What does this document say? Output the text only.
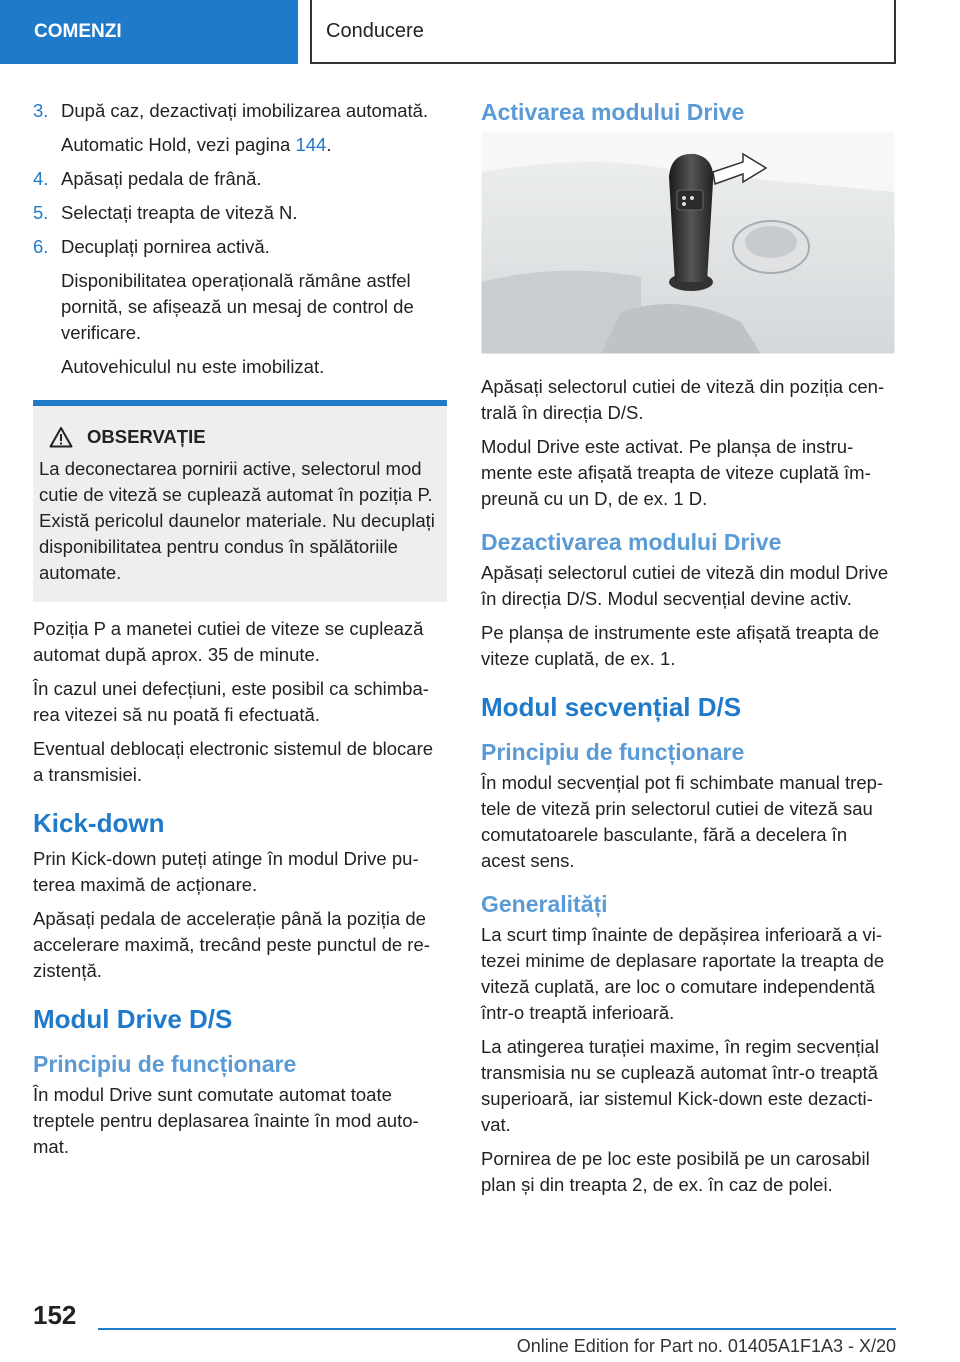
COMENZI	Conducere
3. După caz, dezactivați imobilizarea automată.
Automatic Hold, vezi pagina 144.
4. Apăsați pedala de frână.
5. Selectați treapta de viteză N.
6. Decuplați pornirea activă.
Disponibilitatea operațională rămâne astfel pornită, se afișează un mesaj de control de verificare.
Autovehiculul nu este imobilizat.
OBSERVAȚIE
La deconectarea pornirii active, selectorul mod cutie de viteză se cuplează automat în poziția P. Există pericolul daunelor materiale. Nu decuplați disponibilitatea pentru condus în spălătoriile automate.

Poziția P a manetei cutiei de viteze se cuplează automat după aprox. 35 de minute.

În cazul unei defecțiuni, este posibil ca schimbarea vitezei să nu poată fi efectuată.

Eventual deblocați electronic sistemul de blocare a transmisiei.

Kick-down

Prin Kick-down puteți atinge în modul Drive puterea maximă de acționare.

Apăsați pedala de accelerație până la poziția de accelerare maximă, trecând peste punctul de rezistență.

Modul Drive D/S
Principiu de funcționare

În modul Drive sunt comutate automat toate treptele pentru deplasarea înainte în mod automat.

Activarea modului Drive

Apăsați selectorul cutiei de viteză din poziția centrală în direcția D/S.

Modul Drive este activat. Pe planșa de instrumente este afișată treapta de viteze cuplată împreună cu un D, de ex. 1 D.

Dezactivarea modului Drive

Apăsați selectorul cutiei de viteză din modul Drive în direcția D/S. Modul secvențial devine activ.

Pe planșa de instrumente este afișată treapta de viteze cuplată, de ex. 1.

Modul secvențial D/S
Principiu de funcționare

În modul secvențial pot fi schimbate manual treptele de viteză prin selectorul cutiei de viteză sau comutatoarele basculante, fără a decelera în acest sens.

Generalități

La scurt timp înainte de depășirea inferioară a vitezei minime de deplasare raportate la treapta de viteză cuplată, are loc o comutare independentă într-o treaptă inferioară.

La atingerea turației maxime, în regim secvențial transmisia nu se cuplează automat într-o treaptă superioară, iar sistemul Kick-down este dezactivat.

Pornirea de pe loc este posibilă pe un carosabil plan și din treapta 2, de ex. în caz de polei.

152
Online Edition for Part no. 01405A1F1A3 - X/20
